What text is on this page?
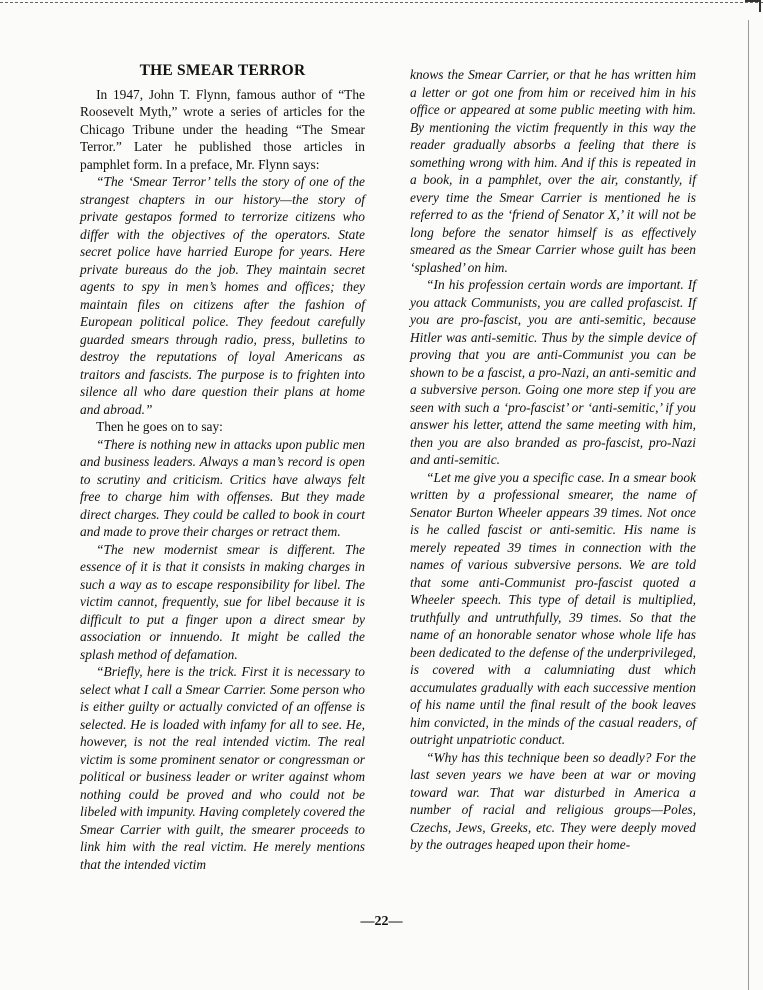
THE SMEAR TERROR

In 1947, John T. Flynn, famous author of “The Roosevelt Myth,” wrote a series of articles for the Chicago Tribune under the heading “The Smear Terror.” Later he published those articles in pamphlet form. In a preface, Mr. Flynn says:

“The ‘Smear Terror’ tells the story of one of the strangest chapters in our history—the story of private gestapos formed to terrorize citizens who differ with the objectives of the operators. State secret police have harried Europe for years. Here private bureaus do the job. They maintain secret agents to spy in men’s homes and offices; they maintain files on citizens after the fashion of European political police. They feedout carefully guarded smears through radio, press, bulletins to destroy the reputations of loyal Americans as traitors and fascists. The purpose is to frighten into silence all who dare question their plans at home and abroad.”

Then he goes on to say:

“There is nothing new in attacks upon public men and business leaders. Always a man’s record is open to scrutiny and criticism. Critics have always felt free to charge him with offenses. But they made direct charges. They could be called to book in court and made to prove their charges or retract them.

“The new modernist smear is different. The essence of it is that it consists in making charges in such a way as to escape responsibility for libel. The victim cannot, frequently, sue for libel because it is difficult to put a finger upon a direct smear by association or innuendo. It might be called the splash method of defamation.

“Briefly, here is the trick. First it is necessary to select what I call a Smear Carrier. Some person who is either guilty or actually convicted of an offense is selected. He is loaded with infamy for all to see. He, however, is not the real intended victim. The real victim is some prominent senator or congressman or political or business leader or writer against whom nothing could be proved and who could not be libeled with impunity. Having completely covered the Smear Carrier with guilt, the smearer proceeds to link him with the real victim. He merely mentions that the intended victim

knows the Smear Carrier, or that he has written him a letter or got one from him or received him in his office or appeared at some public meeting with him. By mentioning the victim frequently in this way the reader gradually absorbs a feeling that there is something wrong with him. And if this is repeated in a book, in a pamphlet, over the air, constantly, if every time the Smear Carrier is mentioned he is referred to as the ‘friend of Senator X,’ it will not be long before the senator himself is as effectively smeared as the Smear Carrier whose guilt has been ‘splashed’ on him.

“In his profession certain words are important. If you attack Communists, you are called profascist. If you are pro-fascist, you are anti-semitic, because Hitler was anti-semitic. Thus by the simple device of proving that you are anti-Communist you can be shown to be a fascist, a pro-Nazi, an anti-semitic and a subversive person. Going one more step if you are seen with such a ‘pro-fascist’ or ‘anti-semitic,’ if you answer his letter, attend the same meeting with him, then you are also branded as pro-fascist, pro-Nazi and anti-semitic.

“Let me give you a specific case. In a smear book written by a professional smearer, the name of Senator Burton Wheeler appears 39 times. Not once is he called fascist or anti-semitic. His name is merely repeated 39 times in connection with the names of various subversive persons. We are told that some anti-Communist pro-fascist quoted a Wheeler speech. This type of detail is multiplied, truthfully and untruthfully, 39 times. So that the name of an honorable senator whose whole life has been dedicated to the defense of the underprivileged, is covered with a calumniating dust which accumulates gradually with each successive mention of his name until the final result of the book leaves him convicted, in the minds of the casual readers, of outright unpatriotic conduct.

“Why has this technique been so deadly? For the last seven years we have been at war or moving toward war. That war disturbed in America a number of racial and religious groups—Poles, Czechs, Jews, Greeks, etc. They were deeply moved by the outrages heaped upon their home-

—22—
